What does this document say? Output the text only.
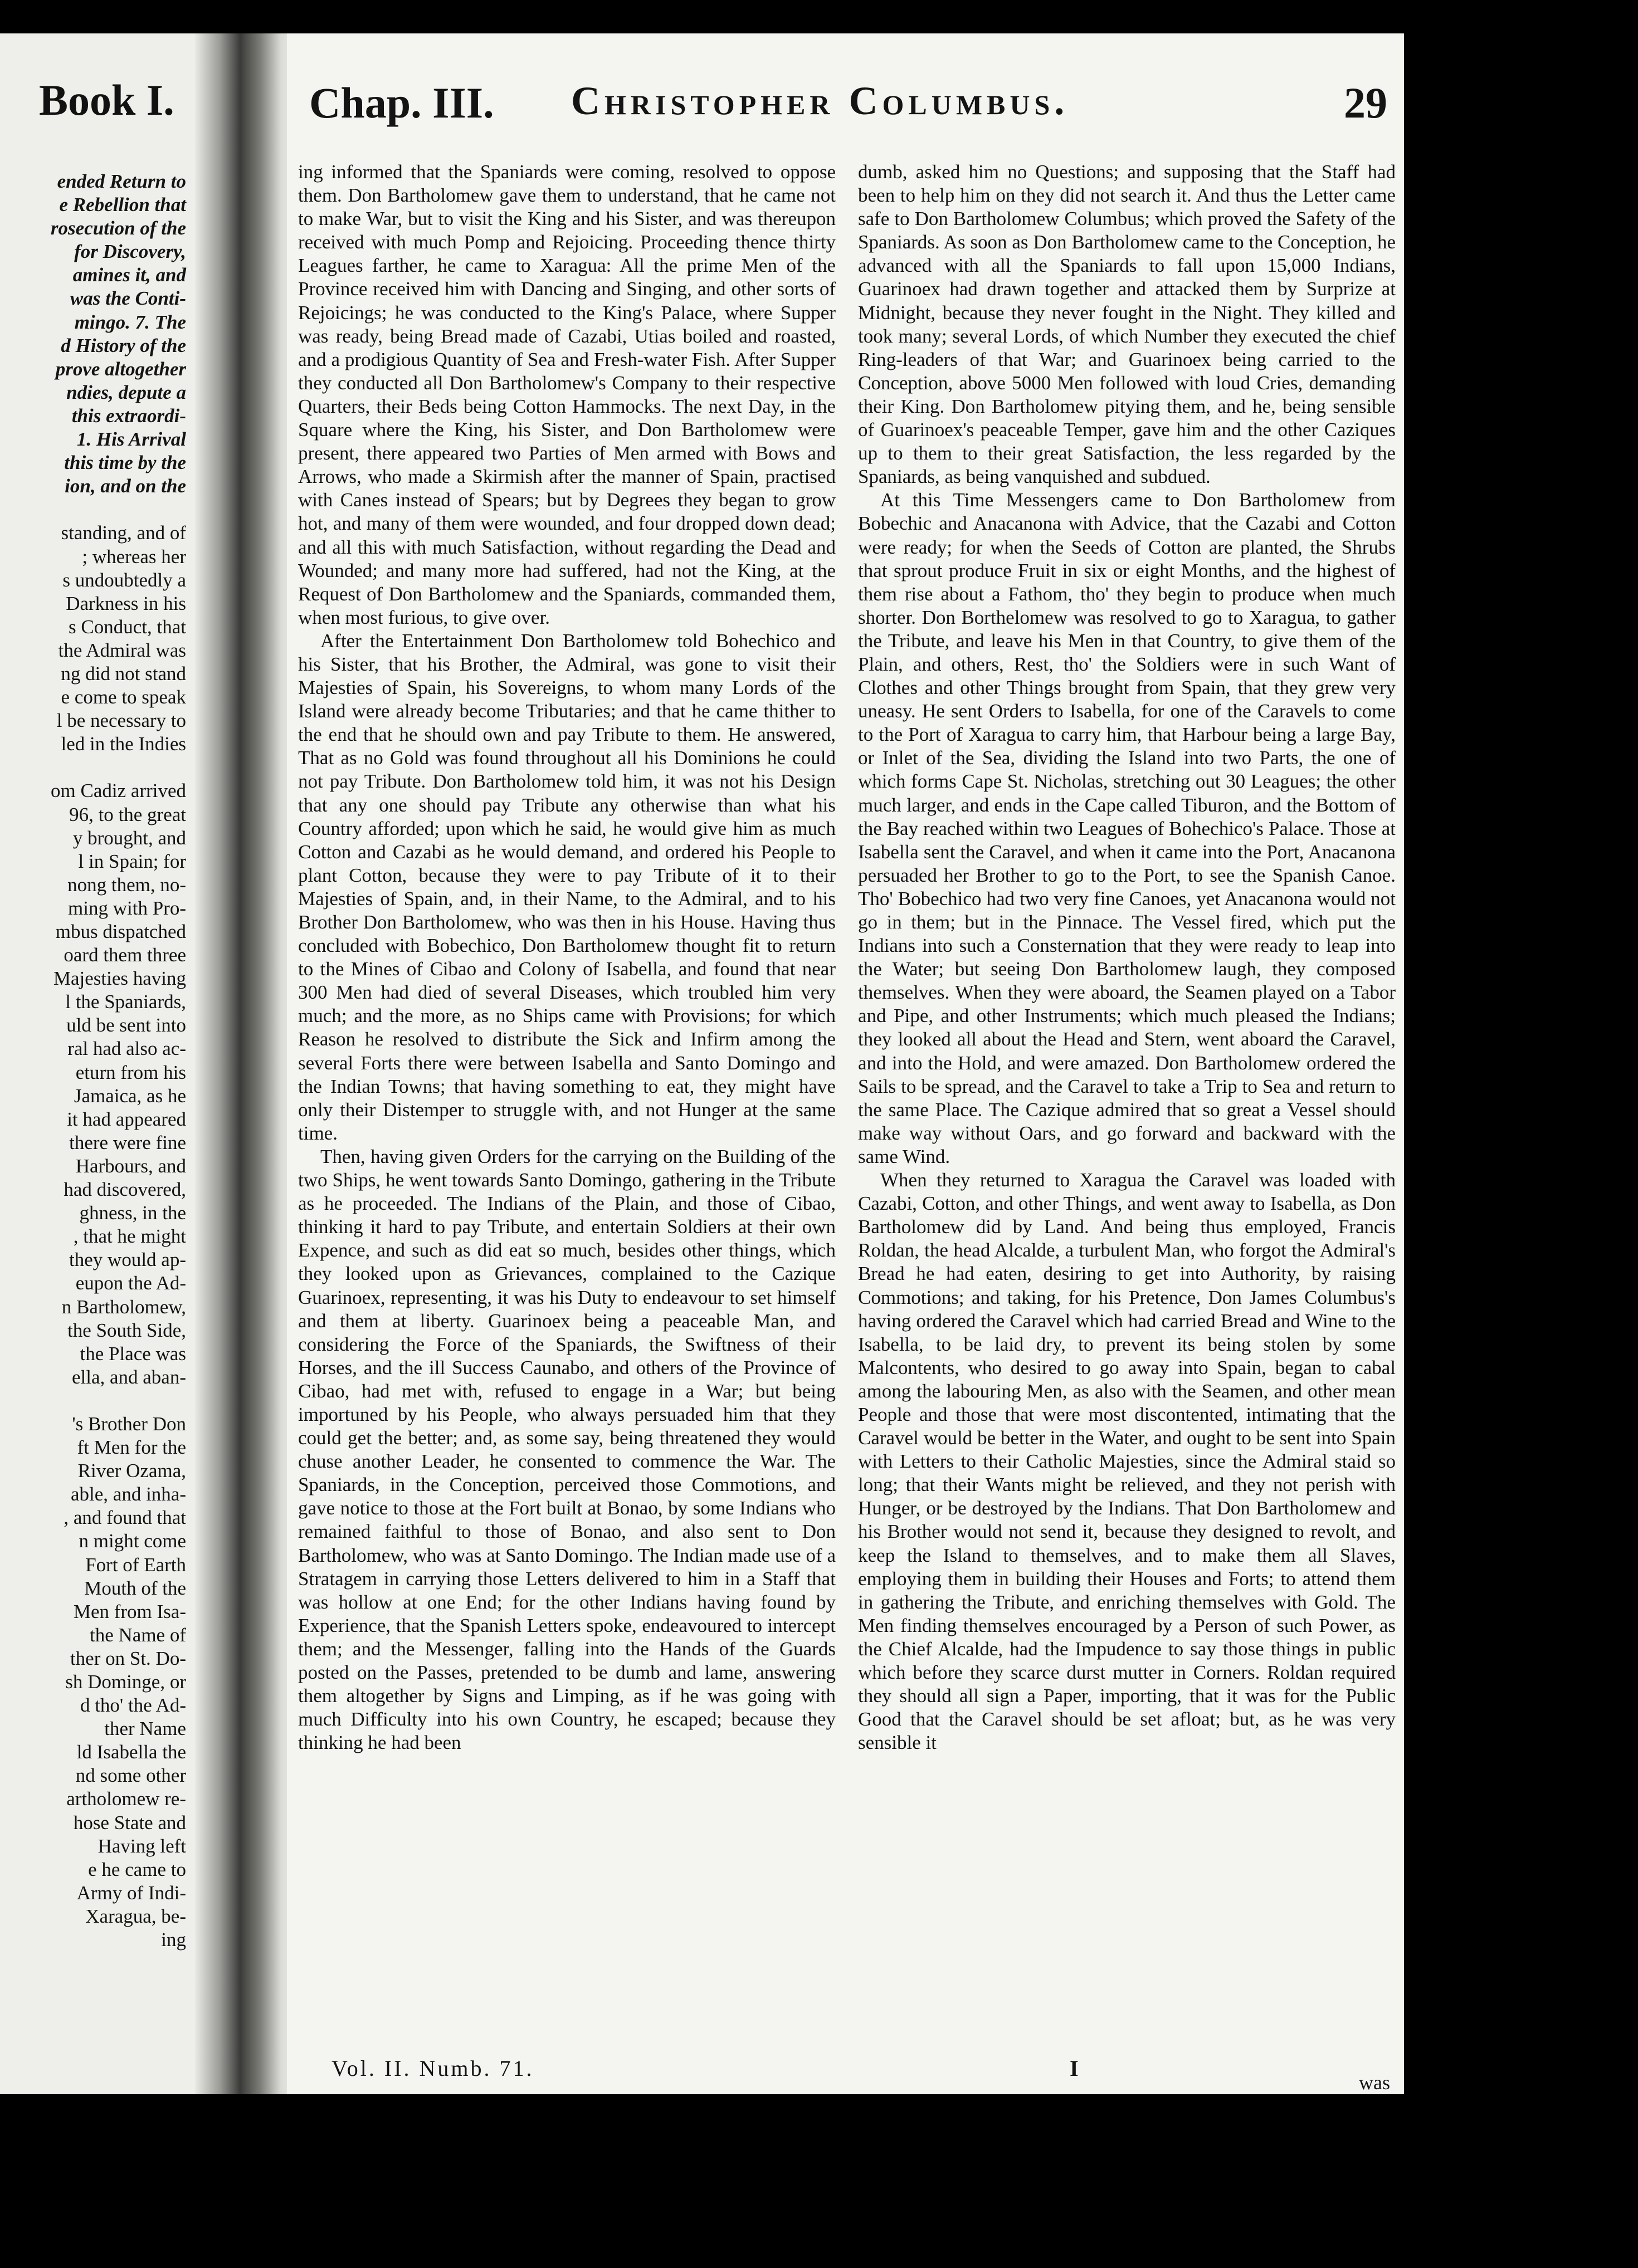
Book I.
ended Return to
e Rebellion that
rosecution of the
for Discovery,
amines it, and
was the Conti-
mingo. 7. The
d History of the
prove altogether
ndies, depute a
this extraordi-
1. His Arrival
this time by the
ion, and on the
standing, and of
; whereas her
s undoubtedly a
Darkness in his
s Conduct, that
the Admiral was
ng did not stand
e come to speak
l be necessary to
led in the Indies
om Cadiz arrived
96, to the great
y brought, and
l in Spain; for
nong them, no-
ming with Pro-
mbus dispatched
oard them three
Majesties having
l the Spaniards,
uld be sent into
ral had also ac-
eturn from his
Jamaica, as he
it had appeared
there were fine
Harbours, and
had discovered,
ghness, in the
, that he might
they would ap-
eupon the Ad-
n Bartholomew,
the South Side,
the Place was
ella, and aban-
's Brother Don
ft Men for the
River Ozama,
able, and inha-
, and found that
n might come
Fort of Earth
Mouth of the
Men from Isa-
the Name of
ther on St. Do-
sh Dominge, or
d tho' the Ad-
ther Name
ld Isabella the
nd some other
artholomew re-
hose State and
Having left
e he came to
Army of Indi-
Xaragua, be-
ing
Chap. III. Christopher Columbus.	29

ing informed that the Spaniards were coming, resolved to oppose them. Don Bartholomew gave them to understand, that he came not to make War, but to visit the King and his Sister, and was thereupon received with much Pomp and Rejoicing. Proceeding thence thirty Leagues farther, he came to Xaragua: All the prime Men of the Province received him with Dancing and Singing, and other sorts of Rejoicings; he was conducted to the King's Palace, where Supper was ready, being Bread made of Cazabi, Utias boiled and roasted, and a prodigious Quantity of Sea and Fresh-water Fish. After Supper they conducted all Don Bartholomew's Company to their respective Quarters, their Beds being Cotton Hammocks. The next Day, in the Square where the King, his Sister, and Don Bartholomew were present, there appeared two Parties of Men armed with Bows and Arrows, who made a Skirmish after the manner of Spain, practised with Canes instead of Spears; but by Degrees they began to grow hot, and many of them were wounded, and four dropped down dead; and all this with much Satisfaction, without regarding the Dead and Wounded; and many more had suffered, had not the King, at the Request of Don Bartholomew and the Spaniards, commanded them, when most furious, to give over.

After the Entertainment Don Bartholomew told Bohechico and his Sister, that his Brother, the Admiral, was gone to visit their Majesties of Spain, his Sovereigns, to whom many Lords of the Island were already become Tributaries; and that he came thither to the end that he should own and pay Tribute to them. He answered, That as no Gold was found throughout all his Dominions he could not pay Tribute. Don Bartholomew told him, it was not his Design that any one should pay Tribute any otherwise than what his Country afforded; upon which he said, he would give him as much Cotton and Cazabi as he would demand, and ordered his People to plant Cotton, because they were to pay Tribute of it to their Majesties of Spain, and, in their Name, to the Admiral, and to his Brother Don Bartholomew, who was then in his House. Having thus concluded with Bobechico, Don Bartholomew thought fit to return to the Mines of Cibao and Colony of Isabella, and found that near 300 Men had died of several Diseases, which troubled him very much; and the more, as no Ships came with Provisions; for which Reason he resolved to distribute the Sick and Infirm among the several Forts there were between Isabella and Santo Domingo and the Indian Towns; that having something to eat, they might have only their Distemper to struggle with, and not Hunger at the same time.

Then, having given Orders for the carrying on the Building of the two Ships, he went towards Santo Domingo, gathering in the Tribute as he proceeded. The Indians of the Plain, and those of Cibao, thinking it hard to pay Tribute, and entertain Soldiers at their own Expence, and such as did eat so much, besides other things, which they looked upon as Grievances, complained to the Cazique Guarinoex, representing, it was his Duty to endeavour to set himself and them at liberty. Guarinoex being a peaceable Man, and considering the Force of the Spaniards, the Swiftness of their Horses, and the ill Success Caunabo, and others of the Province of Cibao, had met with, refused to engage in a War; but being importuned by his People, who always persuaded him that they could get the better; and, as some say, being threatened they would chuse another Leader, he consented to commence the War. The Spaniards, in the Conception, perceived those Commotions, and gave notice to those at the Fort built at Bonao, by some Indians who remained faithful to those of Bonao, and also sent to Don Bartholomew, who was at Santo Domingo. The Indian made use of a Stratagem in carrying those Letters delivered to him in a Staff that was hollow at one End; for the other Indians having found by Experience, that the Spanish Letters spoke, endeavoured to intercept them; and the Messenger, falling into the Hands of the Guards posted on the Passes, pretended to be dumb and lame, answering them altogether by Signs and Limping, as if he was going with much Difficulty into his own Country, he escaped; because they thinking he had been

dumb, asked him no Questions; and supposing that the Staff had been to help him on they did not search it. And thus the Letter came safe to Don Bartholomew Columbus; which proved the Safety of the Spaniards. As soon as Don Bartholomew came to the Conception, he advanced with all the Spaniards to fall upon 15,000 Indians, Guarinoex had drawn together and attacked them by Surprize at Midnight, because they never fought in the Night. They killed and took many; several Lords, of which Number they executed the chief Ring-leaders of that War; and Guarinoex being carried to the Conception, above 5000 Men followed with loud Cries, demanding their King. Don Bartholomew pitying them, and he, being sensible of Guarinoex's peaceable Temper, gave him and the other Caziques up to them to their great Satisfaction, the less regarded by the Spaniards, as being vanquished and subdued.

At this Time Messengers came to Don Bartholomew from Bobechic and Anacanona with Advice, that the Cazabi and Cotton were ready; for when the Seeds of Cotton are planted, the Shrubs that sprout produce Fruit in six or eight Months, and the highest of them rise about a Fathom, tho' they begin to produce when much shorter. Don Borthelomew was resolved to go to Xaragua, to gather the Tribute, and leave his Men in that Country, to give them of the Plain, and others, Rest, tho' the Soldiers were in such Want of Clothes and other Things brought from Spain, that they grew very uneasy. He sent Orders to Isabella, for one of the Caravels to come to the Port of Xaragua to carry him, that Harbour being a large Bay, or Inlet of the Sea, dividing the Island into two Parts, the one of which forms Cape St. Nicholas, stretching out 30 Leagues; the other much larger, and ends in the Cape called Tiburon, and the Bottom of the Bay reached within two Leagues of Bohechico's Palace. Those at Isabella sent the Caravel, and when it came into the Port, Anacanona persuaded her Brother to go to the Port, to see the Spanish Canoe. Tho' Bobechico had two very fine Canoes, yet Anacanona would not go in them; but in the Pinnace. The Vessel fired, which put the Indians into such a Consternation that they were ready to leap into the Water; but seeing Don Bartholomew laugh, they composed themselves. When they were aboard, the Seamen played on a Tabor and Pipe, and other Instruments; which much pleased the Indians; they looked all about the Head and Stern, went aboard the Caravel, and into the Hold, and were amazed. Don Bartholomew ordered the Sails to be spread, and the Caravel to take a Trip to Sea and return to the same Place. The Cazique admired that so great a Vessel should make way without Oars, and go forward and backward with the same Wind.

When they returned to Xaragua the Caravel was loaded with Cazabi, Cotton, and other Things, and went away to Isabella, as Don Bartholomew did by Land. And being thus employed, Francis Roldan, the head Alcalde, a turbulent Man, who forgot the Admiral's Bread he had eaten, desiring to get into Authority, by raising Commotions; and taking, for his Pretence, Don James Columbus's having ordered the Caravel which had carried Bread and Wine to the Isabella, to be laid dry, to prevent its being stolen by some Malcontents, who desired to go away into Spain, began to cabal among the labouring Men, as also with the Seamen, and other mean People and those that were most discontented, intimating that the Caravel would be better in the Water, and ought to be sent into Spain with Letters to their Catholic Majesties, since the Admiral staid so long; that their Wants might be relieved, and they not perish with Hunger, or be destroyed by the Indians. That Don Bartholomew and his Brother would not send it, because they designed to revolt, and keep the Island to themselves, and to make them all Slaves, employing them in building their Houses and Forts; to attend them in gathering the Tribute, and enriching themselves with Gold. The Men finding themselves encouraged by a Person of such Power, as the Chief Alcalde, had the Impudence to say those things in public which before they scarce durst mutter in Corners. Roldan required they should all sign a Paper, importing, that it was for the Public Good that the Caravel should be set afloat; but, as he was very sensible it

Vol. II. Numb. 71.	I
was
